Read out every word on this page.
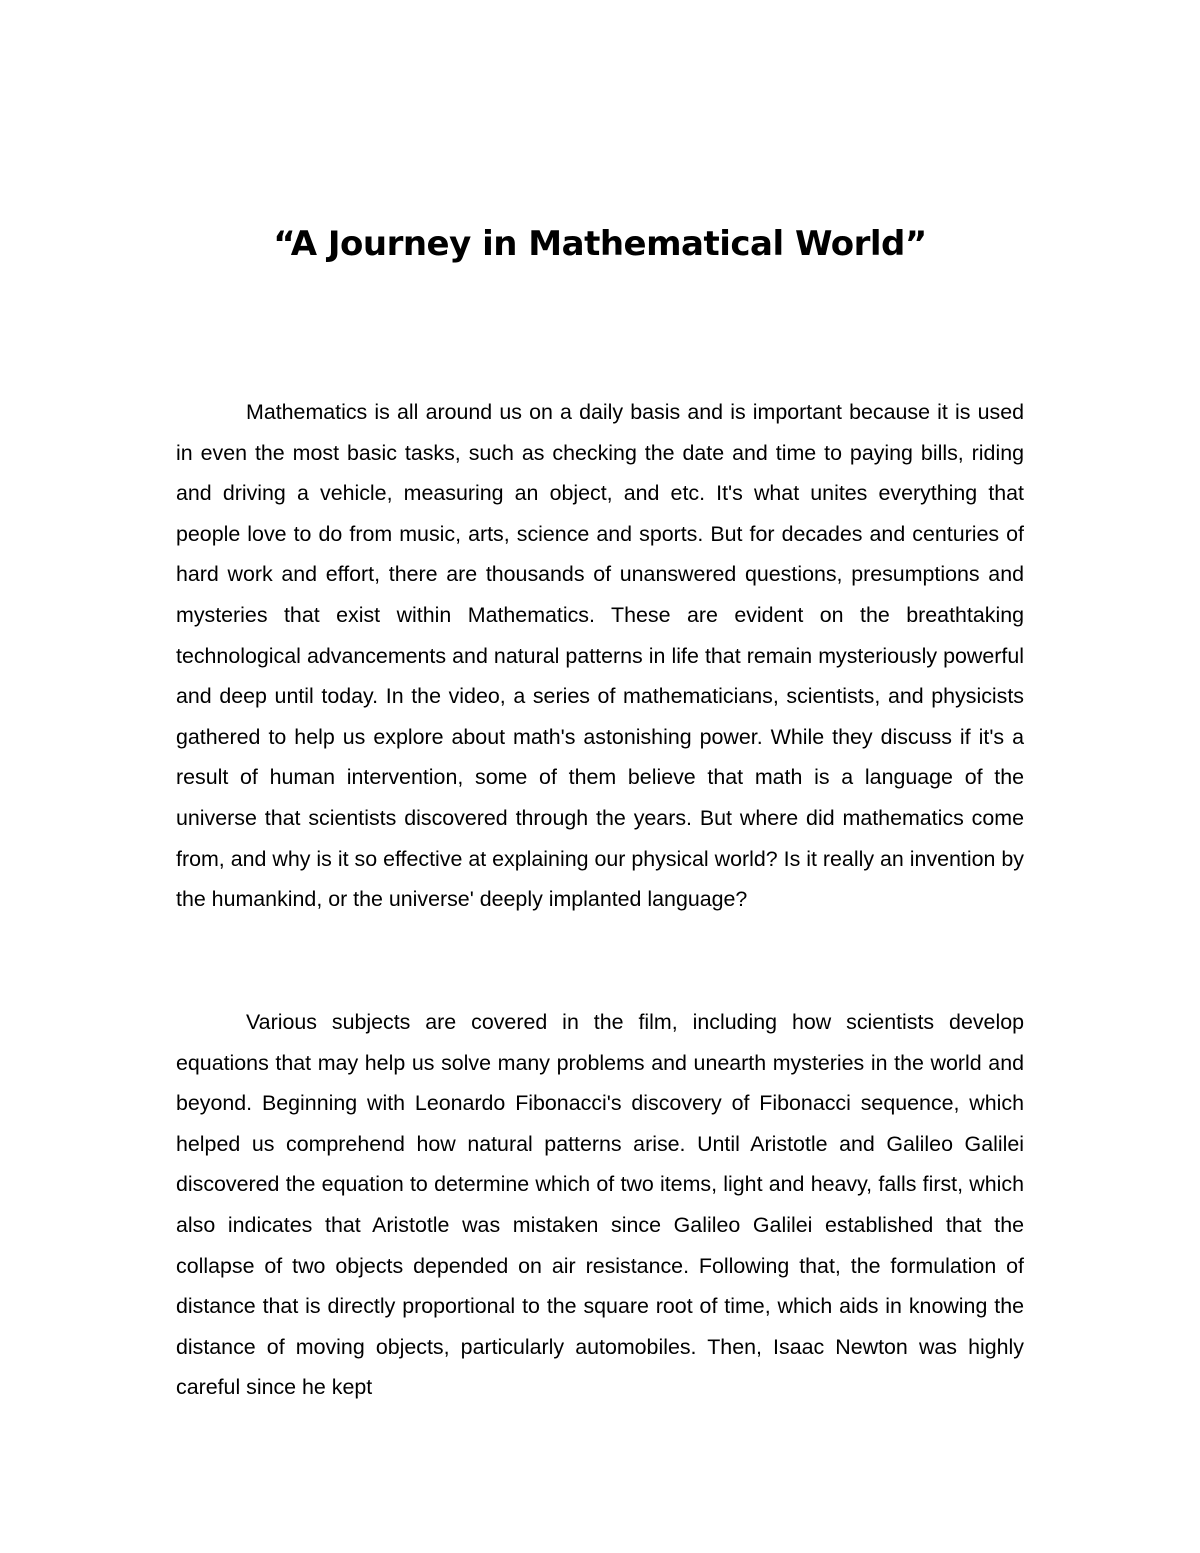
“A Journey in Mathematical World”

Mathematics is all around us on a daily basis and is important because it is used in even the most basic tasks, such as checking the date and time to paying bills, riding and driving a vehicle, measuring an object, and etc. It's what unites everything that people love to do from music, arts, science and sports. But for decades and centuries of hard work and effort, there are thousands of unanswered questions, presumptions and mysteries that exist within Mathematics. These are evident on the breathtaking technological advancements and natural patterns in life that remain mysteriously powerful and deep until today. In the video, a series of mathematicians, scientists, and physicists gathered to help us explore about math's astonishing power. While they discuss if it's a result of human intervention, some of them believe that math is a language of the universe that scientists discovered through the years. But where did mathematics come from, and why is it so effective at explaining our physical world? Is it really an invention by the humankind, or the universe' deeply implanted language?

Various subjects are covered in the film, including how scientists develop equations that may help us solve many problems and unearth mysteries in the world and beyond. Beginning with Leonardo Fibonacci's discovery of Fibonacci sequence, which helped us comprehend how natural patterns arise. Until Aristotle and Galileo Galilei discovered the equation to determine which of two items, light and heavy, falls first, which also indicates that Aristotle was mistaken since Galileo Galilei established that the collapse of two objects depended on air resistance. Following that, the formulation of distance that is directly proportional to the square root of time, which aids in knowing the distance of moving objects, particularly automobiles. Then, Isaac Newton was highly careful since he kept
